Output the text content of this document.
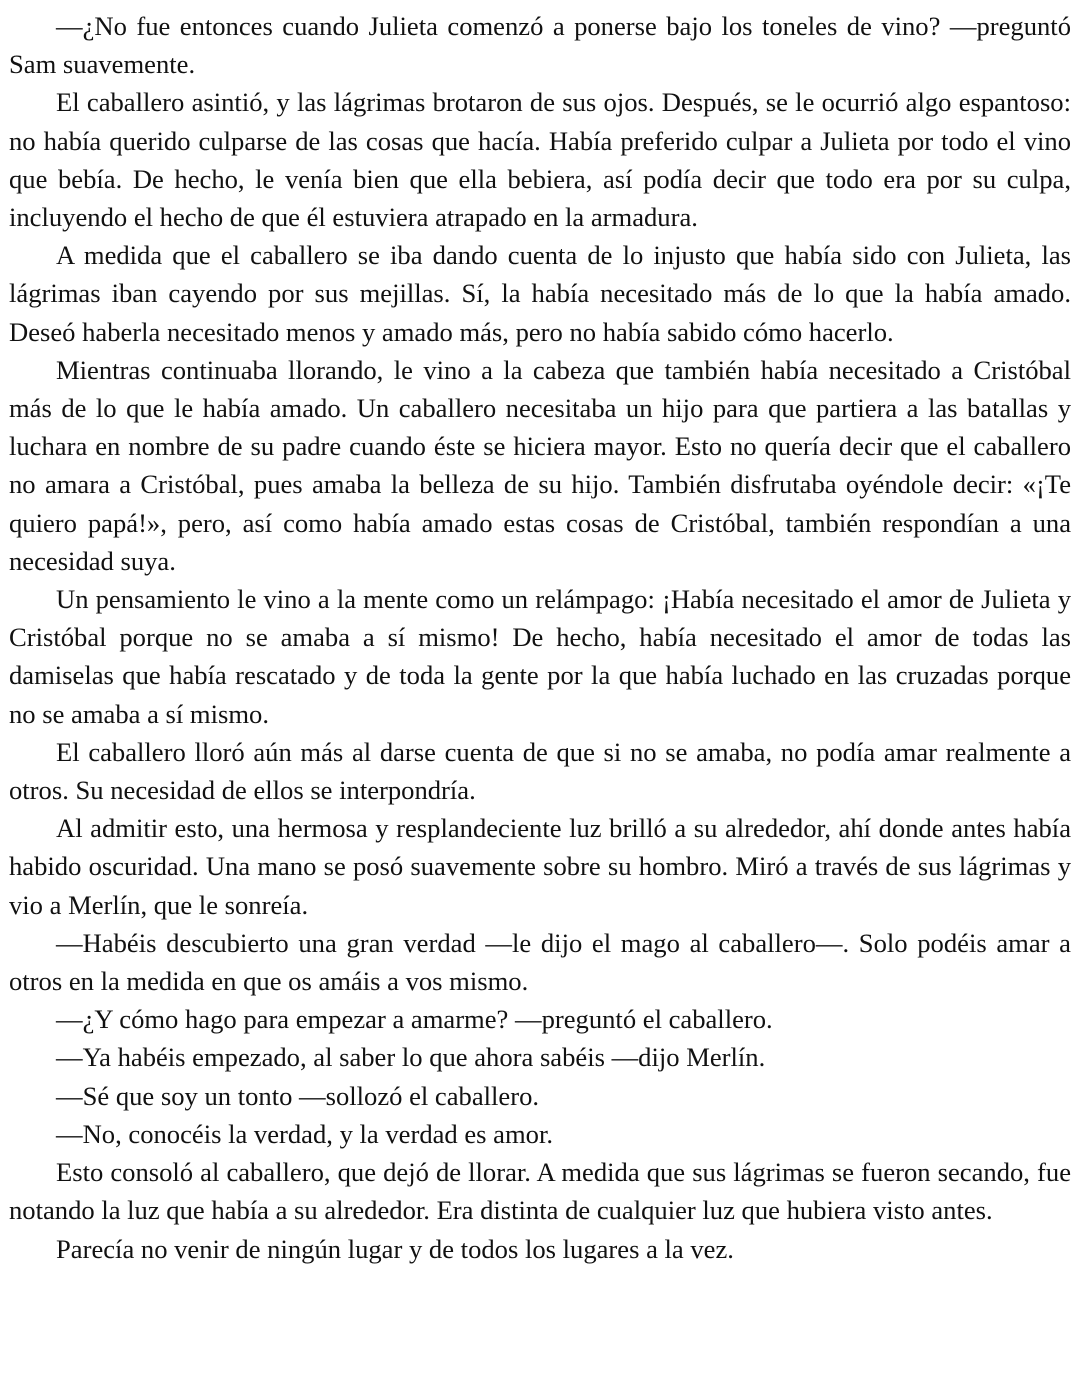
—¿No fue entonces cuando Julieta comenzó a ponerse bajo los toneles de vino? —preguntó Sam suavemente.

El caballero asintió, y las lágrimas brotaron de sus ojos. Después, se le ocurrió algo espantoso: no había querido culparse de las cosas que hacía. Había preferido culpar a Julieta por todo el vino que bebía. De hecho, le venía bien que ella bebiera, así podía decir que todo era por su culpa, incluyendo el hecho de que él estuviera atrapado en la armadura.

A medida que el caballero se iba dando cuenta de lo injusto que había sido con Julieta, las lágrimas iban cayendo por sus mejillas. Sí, la había necesitado más de lo que la había amado. Deseó haberla necesitado menos y amado más, pero no había sabido cómo hacerlo.

Mientras continuaba llorando, le vino a la cabeza que también había necesitado a Cristóbal más de lo que le había amado. Un caballero necesitaba un hijo para que partiera a las batallas y luchara en nombre de su padre cuando éste se hiciera mayor. Esto no quería decir que el caballero no amara a Cristóbal, pues amaba la belleza de su hijo. También disfrutaba oyéndole decir: «¡Te quiero papá!», pero, así como había amado estas cosas de Cristóbal, también respondían a una necesidad suya.

Un pensamiento le vino a la mente como un relámpago: ¡Había necesitado el amor de Julieta y Cristóbal porque no se amaba a sí mismo! De hecho, había necesitado el amor de todas las damiselas que había rescatado y de toda la gente por la que había luchado en las cruzadas porque no se amaba a sí mismo.

El caballero lloró aún más al darse cuenta de que si no se amaba, no podía amar realmente a otros. Su necesidad de ellos se interpondría.

Al admitir esto, una hermosa y resplandeciente luz brilló a su alrededor, ahí donde antes había habido oscuridad. Una mano se posó suavemente sobre su hombro. Miró a través de sus lágrimas y vio a Merlín, que le sonreía.

—Habéis descubierto una gran verdad —le dijo el mago al caballero—. Solo podéis amar a otros en la medida en que os amáis a vos mismo.

—¿Y cómo hago para empezar a amarme? —preguntó el caballero.

—Ya habéis empezado, al saber lo que ahora sabéis —dijo Merlín.

—Sé que soy un tonto —sollozó el caballero.

—No, conocéis la verdad, y la verdad es amor.

Esto consoló al caballero, que dejó de llorar. A medida que sus lágrimas se fueron secando, fue notando la luz que había a su alrededor. Era distinta de cualquier luz que hubiera visto antes.

Parecía no venir de ningún lugar y de todos los lugares a la vez.
